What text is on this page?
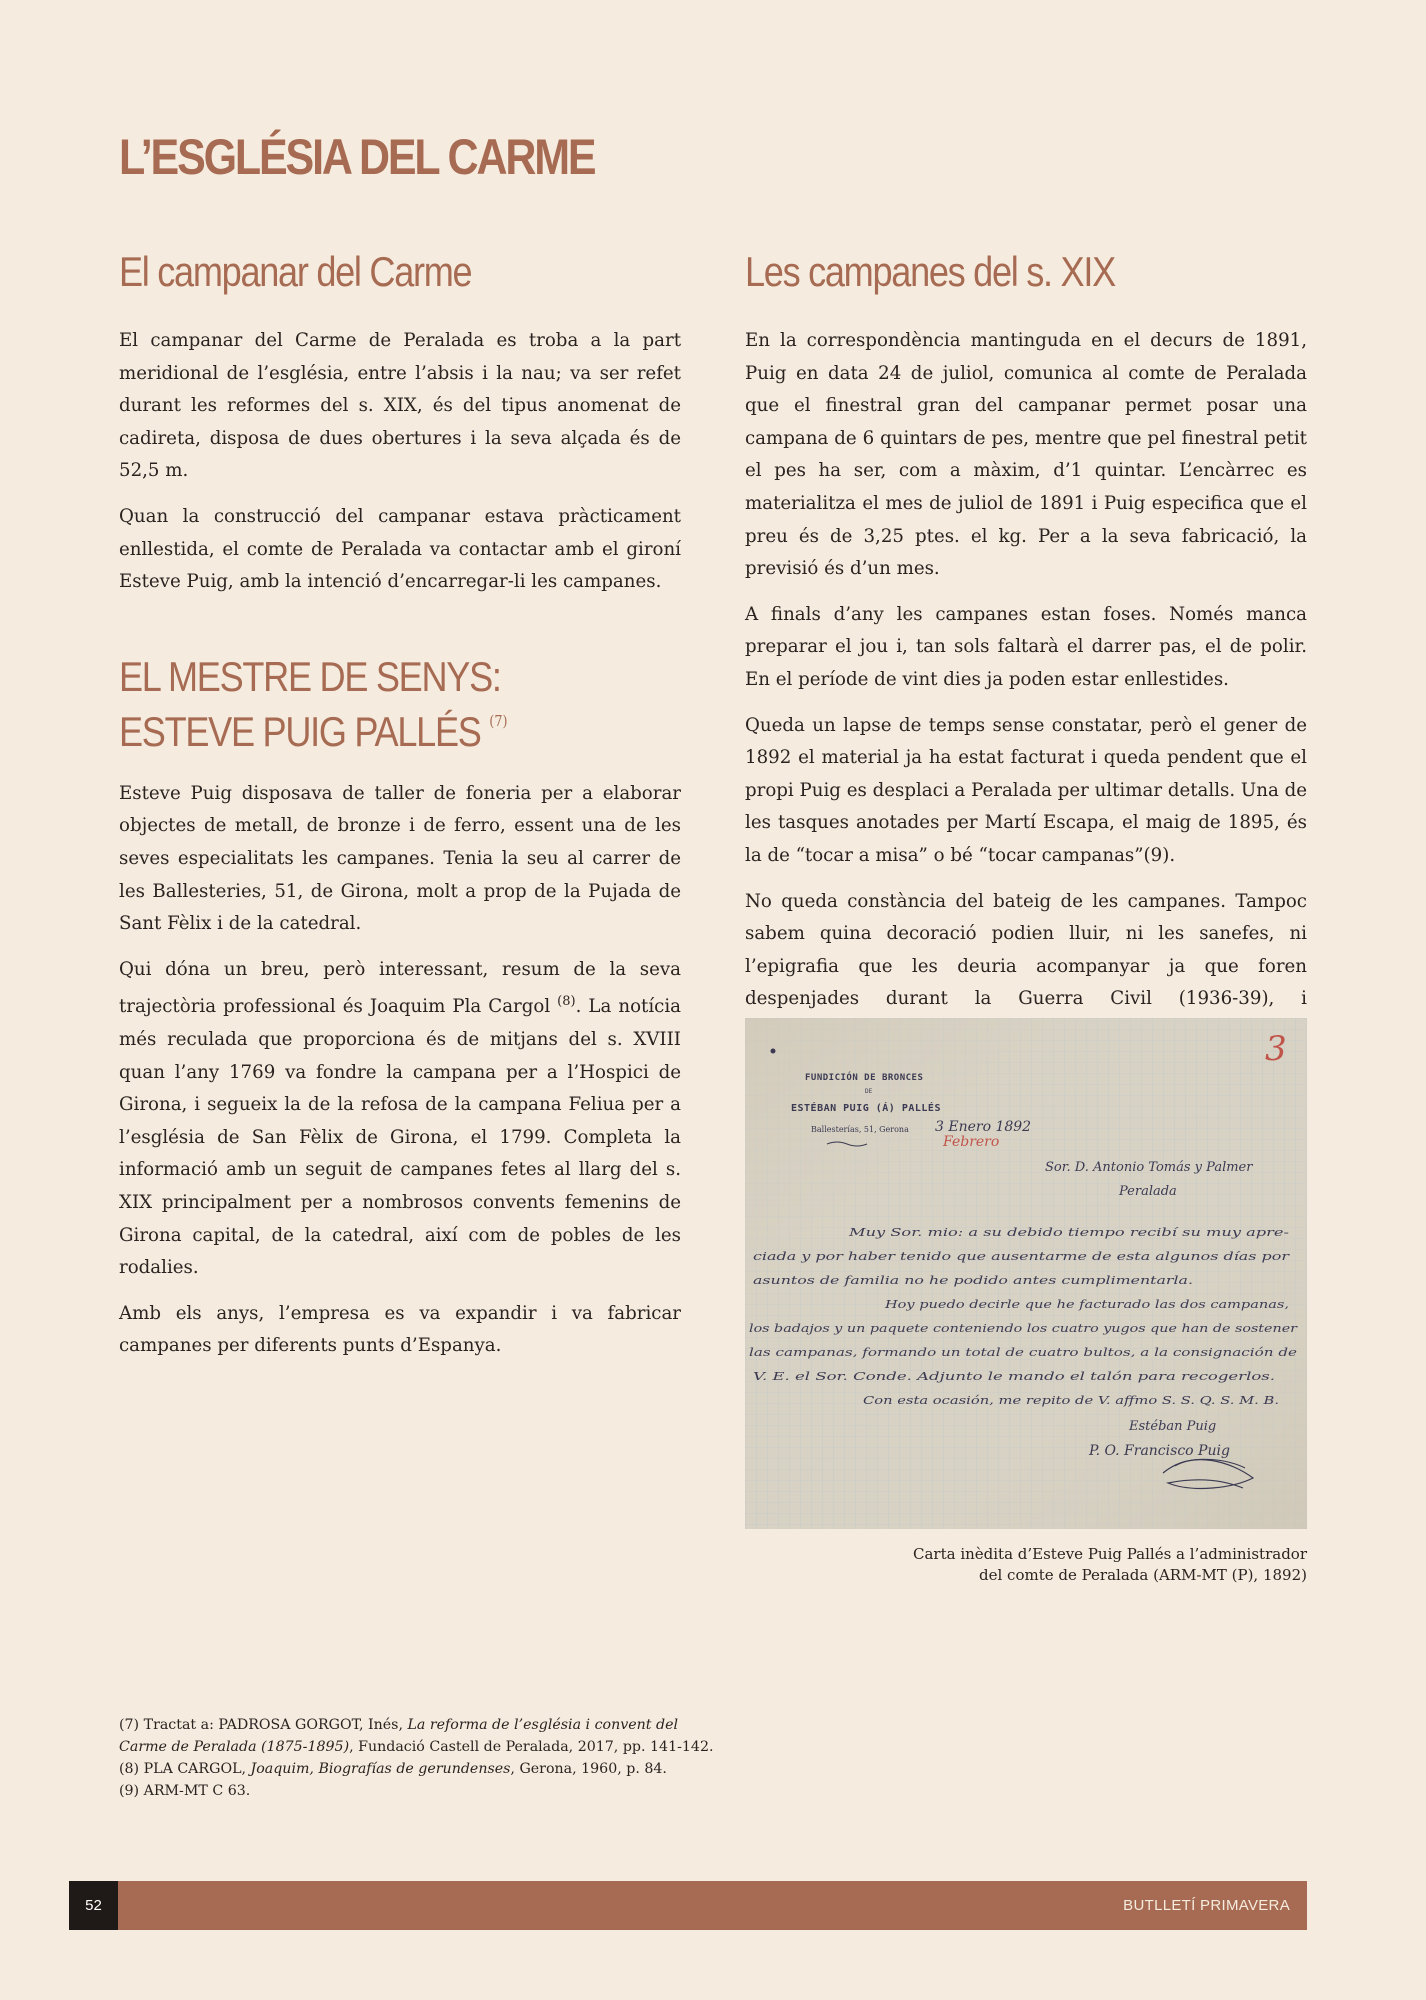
L’ESGLÉSIA DEL CARME
El campanar del Carme

El campanar del Carme de Peralada es troba a la part meridional de l’església, entre l’absis i la nau; va ser refet durant les reformes del s. XIX, és del tipus anomenat de cadireta, disposa de dues obertures i la seva alçada és de 52,5 m.

Quan la construcció del campanar estava pràcticament enllestida, el comte de Peralada va contactar amb el gironí Esteve Puig, amb la intenció d’encarregar-li les campanes.

EL MESTRE DE SENYS:
ESTEVE PUIG PALLÉS $^{(7)}$

Esteve Puig disposava de taller de foneria per a elaborar objectes de metall, de bronze i de ferro, essent una de les seves especialitats les campanes. Tenia la seu al carrer de les Ballesteries, 51, de Girona, molt a prop de la Pujada de Sant Fèlix i de la catedral.

Qui dóna un breu, però interessant, resum de la seva trajectòria professional és Joaquim Pla Cargol $^{(8)}$. La notícia més reculada que proporciona és de mitjans del s. XVIII quan l’any 1769 va fondre la campana per a l’Hospici de Girona, i segueix la de la refosa de la campana Feliua per a l’església de San Fèlix de Girona, el 1799. Completa la informació amb un seguit de campanes fetes al llarg del s. XIX principalment per a nombrosos convents femenins de Girona capital, de la catedral, així com de pobles de les rodalies.

Amb els anys, l’empresa es va expandir i va fabricar campanes per diferents punts d’Espanya.

Les campanes del s. XIX

En la correspondència mantinguda en el decurs de 1891, Puig en data 24 de juliol, comunica al comte de Peralada que el finestral gran del campanar permet posar una campana de 6 quintars de pes, mentre que pel finestral petit el pes ha ser, com a màxim, d’1 quintar. L’encàrrec es materialitza el mes de juliol de 1891 i Puig especifica que el preu és de 3,25 ptes. el kg. Per a la seva fabricació, la previsió és d’un mes.

A finals d’any les campanes estan foses. Només manca preparar el jou i, tan sols faltarà el darrer pas, el de polir. En el període de vint dies ja poden estar enllestides.

Queda un lapse de temps sense constatar, però el gener de 1892 el material ja ha estat facturat i queda pendent que el propi Puig es desplaci a Peralada per ultimar detalls. Una de les tasques anotades per Martí Escapa, el maig de 1895, és la de “tocar a misa” o bé “tocar campanas”(9).

No queda constància del bateig de les campanes. Tampoc sabem quina decoració podien lluir, ni les sanefes, ni l’epigrafia que les deuria acompanyar ja que foren despenjades durant la Guerra Civil (1936-39), i

3
FUNDICIÓN DE BRONCES
DE
ESTÉBAN PUIG (Á) PALLÉS
Ballesterías, 51, Gerona 3 Enero 1892
Febrero
Sor. D. Antonio Tomás y Palmer
Peralada
Muy Sor. mio: a su debido tiempo recibí su muy apre-
ciada y por haber tenido que ausentarme de esta algunos días por
asuntos de familia no he podido antes cumplimentarla.
Hoy puedo decirle que he facturado las dos campanas,
los badajos y un paquete conteniendo los cuatro yugos que han de sostener
las campanas, formando un total de cuatro bultos, a la consignación de
V. E. el Sor. Conde. Adjunto le mando el talón para recogerlos.
Con esta ocasión, me repito de V. affmo S. S. Q. S. M. B.
Estéban Puig
P. O. Francisco Puig
Carta inèdita d’Esteve Puig Pallés a l’administrador
del comte de Peralada (ARM-MT (P), 1892)
(7) Tractat a: PADROSA GORGOT, Inés, La reforma de l’església i convent del
Carme de Peralada (1875-1895), Fundació Castell de Peralada, 2017, pp. 141-142.
(8) PLA CARGOL, Joaquim, Biografías de gerundenses, Gerona, 1960, p. 84.
(9) ARM-MT C 63.
52	BUTLLETÍ PRIMAVERA
